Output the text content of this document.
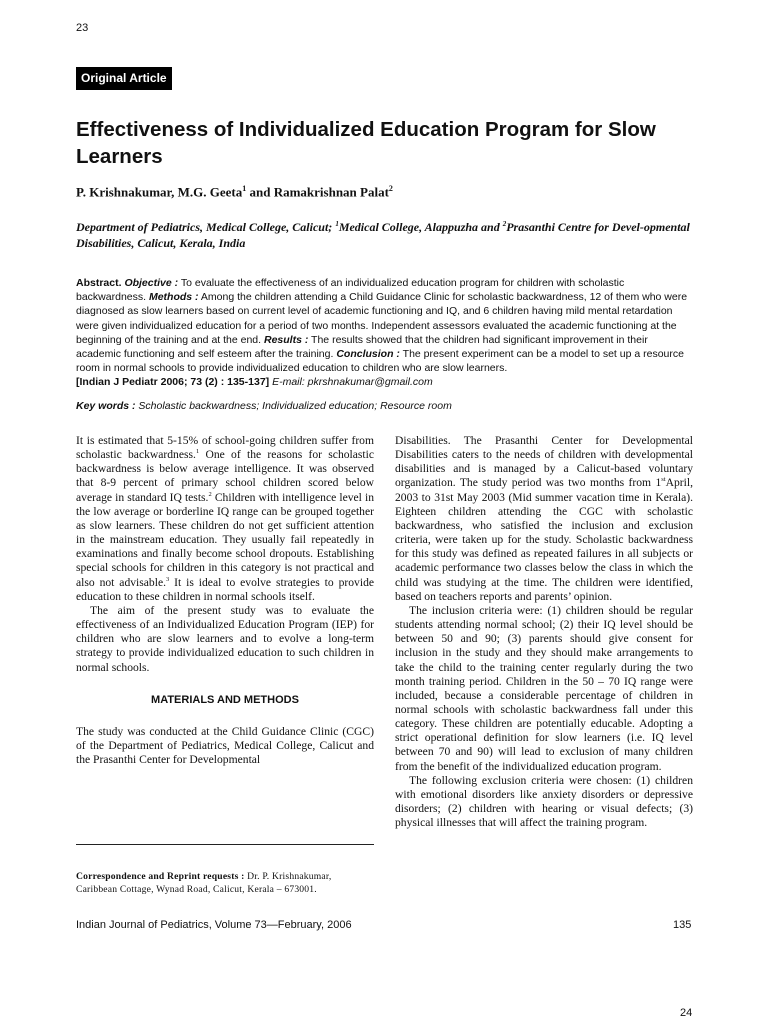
23
Original Article
Effectiveness of Individualized Education Program for Slow Learners
P. Krishnakumar, M.G. Geeta$^1$ and Ramakrishnan Palat$^2$
Department of Pediatrics, Medical College, Calicut; $^1$Medical College, Alappuzha and $^2$Prasanthi Centre for Devel-opmental Disabilities, Calicut, Kerala, India
Abstract. Objective : To evaluate the effectiveness of an individualized education program for children with scholastic backwardness. Methods : Among the children attending a Child Guidance Clinic for scholastic backwardness, 12 of them who were diagnosed as slow learners based on current level of academic functioning and IQ, and 6 children having mild mental retardation were given individualized education for a period of two months. Independent assessors evaluated the academic functioning at the beginning of the training and at the end. Results : The results showed that the children had significant improvement in their academic functioning and self esteem after the training. Conclusion : The present experiment can be a model to set up a resource room in normal schools to provide individualized education to children who are slow learners.
[Indian J Pediatr 2006; 73 (2) : 135-137] E-mail: pkrshnakumar@gmail.com
Key words : Scholastic backwardness; Individualized education; Resource room

It is estimated that 5-15% of school-going children suffer from scholastic backwardness.$^1$ One of the reasons for scholastic backwardness is below average intelligence. It was observed that 8-9 percent of primary school children scored below average in standard IQ tests.$^2$ Children with intelligence level in the low average or borderline IQ range can be grouped together as slow learners. These children do not get sufficient attention in the mainstream education. They usually fail repeatedly in examinations and finally become school dropouts. Establishing special schools for children in this category is not practical and also not advisable.$^3$ It is ideal to evolve strategies to provide education to these children in normal schools itself.

The aim of the present study was to evaluate the effectiveness of an Individualized Education Program (IEP) for children who are slow learners and to evolve a long-term strategy to provide individualized education to such children in normal schools.

MATERIALS AND METHODS

The study was conducted at the Child Guidance Clinic (CGC) of the Department of Pediatrics, Medical College, Calicut and the Prasanthi Center for Developmental

Disabilities. The Prasanthi Center for Developmental Disabilities caters to the needs of children with developmental disabilities and is managed by a Calicut-based voluntary organization. The study period was two months from 1stApril, 2003 to 31st May 2003 (Mid summer vacation time in Kerala). Eighteen children attending the CGC with scholastic backwardness, who satisfied the inclusion and exclusion criteria, were taken up for the study. Scholastic backwardness for this study was defined as repeated failures in all subjects or academic performance two classes below the class in which the child was studying at the time. The children were identified, based on teachers reports and parents’ opinion.

The inclusion criteria were: (1) children should be regular students attending normal school; (2) their IQ level should be between 50 and 90; (3) parents should give consent for inclusion in the study and they should make arrangements to take the child to the training center regularly during the two month training period. Children in the 50 – 70 IQ range were included, because a considerable percentage of children in normal schools with scholastic backwardness fall under this category. These children are potentially educable. Adopting a strict operational definition for slow learners (i.e. IQ level between 70 and 90) will lead to exclusion of many children from the benefit of the individualized education program.

The following exclusion criteria were chosen: (1) children with emotional disorders like anxiety disorders or depressive disorders; (2) children with hearing or visual defects; (3) physical illnesses that will affect the training program.

Correspondence and Reprint requests : Dr. P. Krishnakumar, Caribbean Cottage, Wynad Road, Calicut, Kerala – 673001.
Indian Journal of Pediatrics, Volume 73—February, 2006	135
24
